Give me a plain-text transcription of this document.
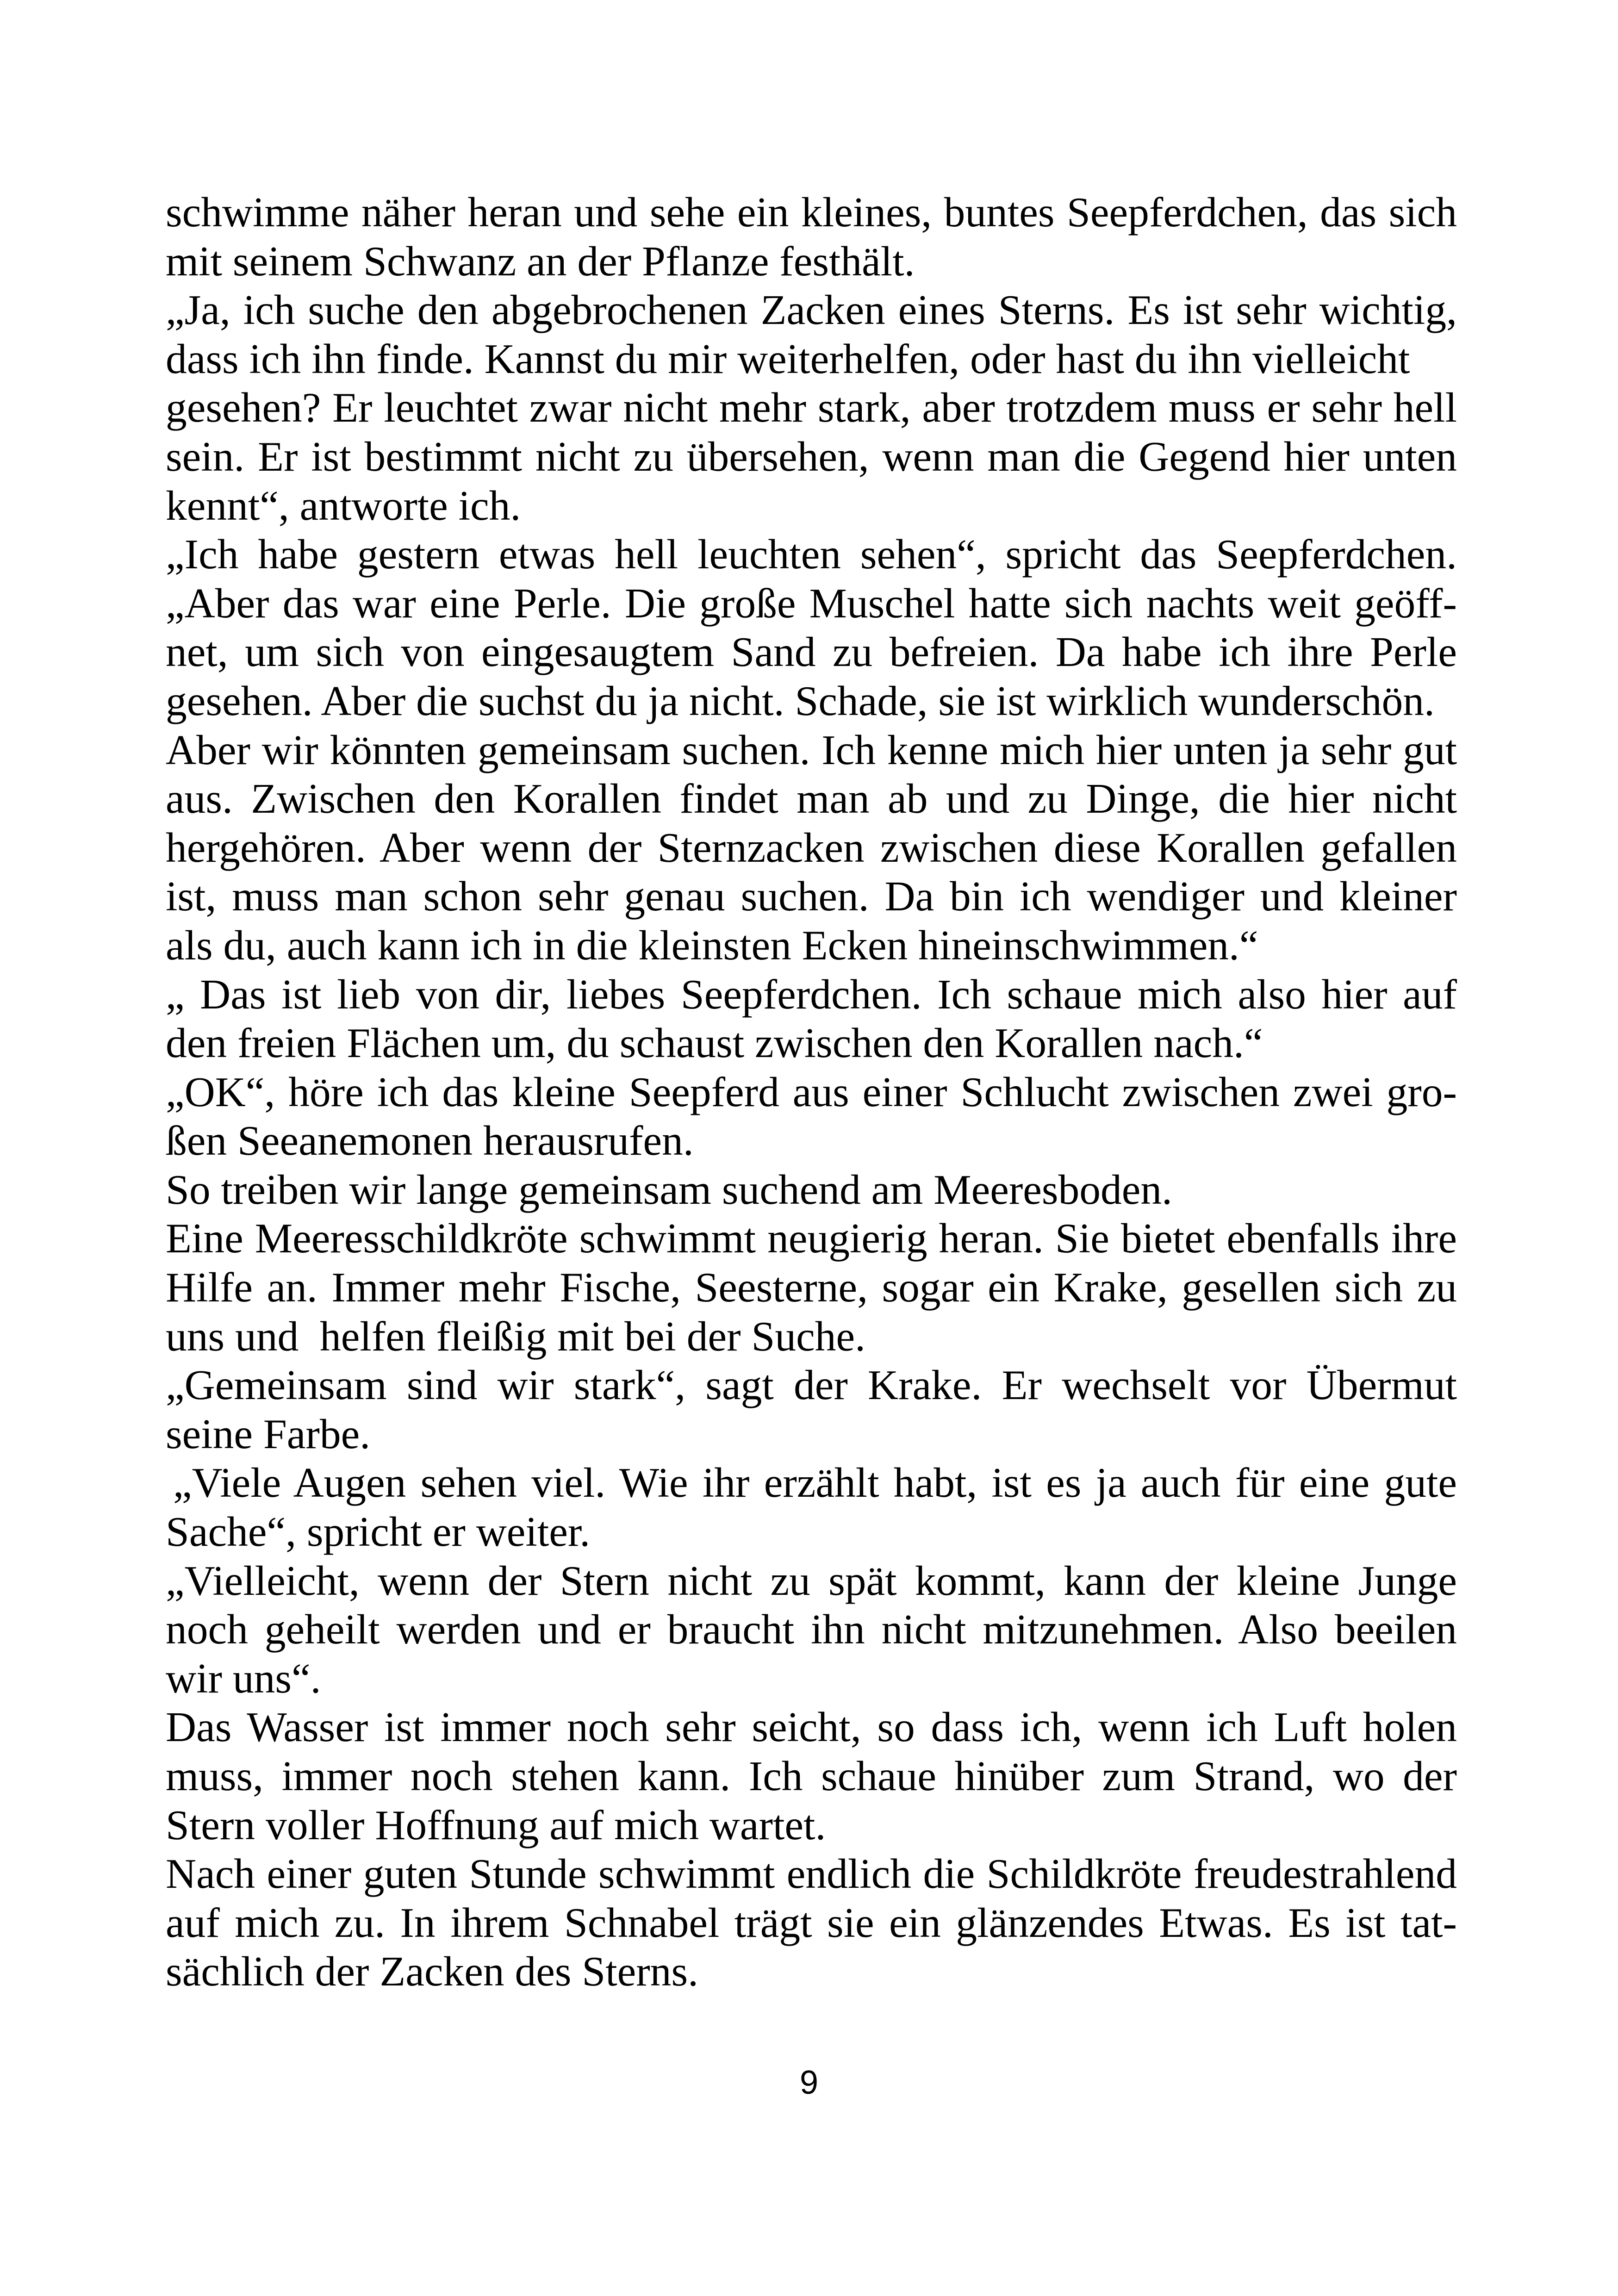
schwimme näher heran und sehe ein kleines, buntes Seepferdchen, das sich
mit seinem Schwanz an der Pflanze festhält.
„Ja, ich suche den abgebrochenen Zacken eines Sterns. Es ist sehr wichtig,
dass ich ihn finde. Kannst du mir weiterhelfen, oder hast du ihn vielleicht
gesehen? Er leuchtet zwar nicht mehr stark, aber trotzdem muss er sehr hell
sein. Er ist bestimmt nicht zu übersehen, wenn man die Gegend hier unten
kennt“, antworte ich.
„Ich habe gestern etwas hell leuchten sehen“, spricht das Seepferdchen.
„Aber das war eine Perle. Die große Muschel hatte sich nachts weit geöff-
net, um sich von eingesaugtem Sand zu befreien. Da habe ich ihre Perle
gesehen. Aber die suchst du ja nicht. Schade, sie ist wirklich wunderschön.
Aber wir könnten gemeinsam suchen. Ich kenne mich hier unten ja sehr gut
aus. Zwischen den Korallen findet man ab und zu Dinge, die hier nicht
hergehören. Aber wenn der Sternzacken zwischen diese Korallen gefallen
ist, muss man schon sehr genau suchen. Da bin ich wendiger und kleiner
als du, auch kann ich in die kleinsten Ecken hineinschwimmen.“
„ Das ist lieb von dir, liebes Seepferdchen. Ich schaue mich also hier auf
den freien Flächen um, du schaust zwischen den Korallen nach.“
„OK“, höre ich das kleine Seepferd aus einer Schlucht zwischen zwei gro-
ßen Seeanemonen herausrufen.
So treiben wir lange gemeinsam suchend am Meeresboden.
Eine Meeresschildkröte schwimmt neugierig heran. Sie bietet ebenfalls ihre
Hilfe an. Immer mehr Fische, Seesterne, sogar ein Krake, gesellen sich zu
uns und  helfen fleißig mit bei der Suche.
„Gemeinsam sind wir stark“, sagt der Krake. Er wechselt vor Übermut
seine Farbe.
„Viele Augen sehen viel. Wie ihr erzählt habt, ist es ja auch für eine gute
Sache“, spricht er weiter.
„Vielleicht, wenn der Stern nicht zu spät kommt, kann der kleine Junge
noch geheilt werden und er braucht ihn nicht mitzunehmen. Also beeilen
wir uns“.
Das Wasser ist immer noch sehr seicht, so dass ich, wenn ich Luft holen
muss, immer noch stehen kann. Ich schaue hinüber zum Strand, wo der
Stern voller Hoffnung auf mich wartet.
Nach einer guten Stunde schwimmt endlich die Schildkröte freudestrahlend
auf mich zu. In ihrem Schnabel trägt sie ein glänzendes Etwas. Es ist tat-
sächlich der Zacken des Sterns.
9
